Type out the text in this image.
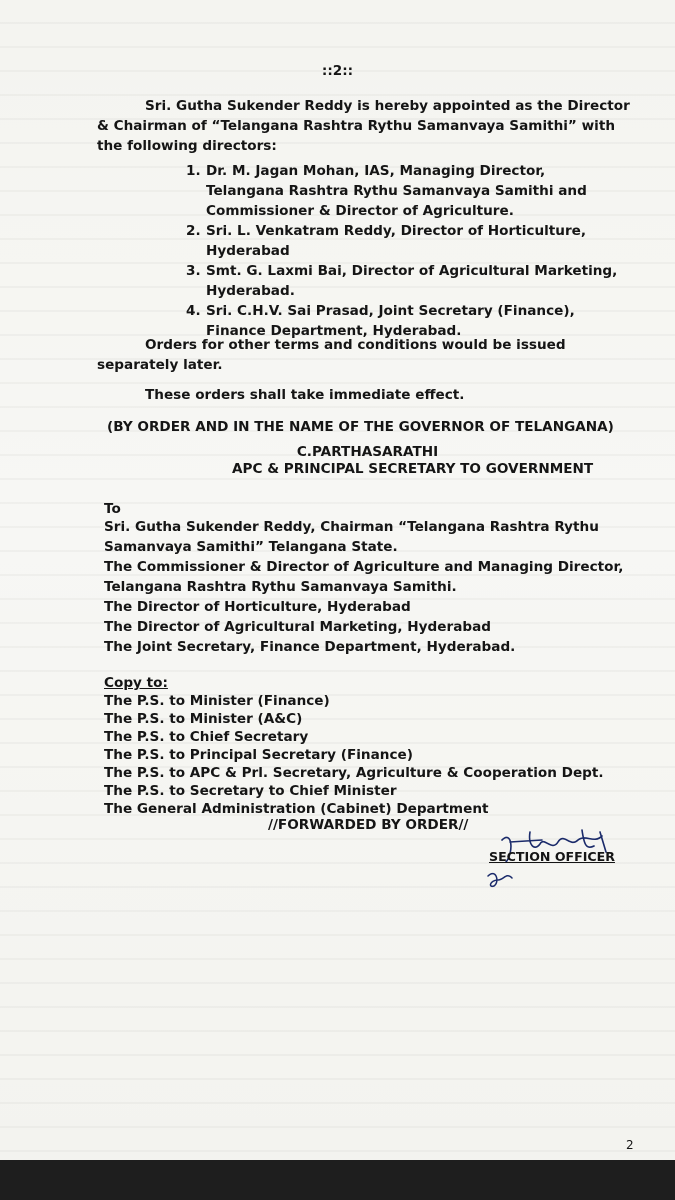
::2::
Sri. Gutha Sukender Reddy is hereby appointed as the Director
& Chairman of “Telangana Rashtra Rythu Samanvaya Samithi” with
the following directors:
1. Dr. M. Jagan Mohan, IAS, Managing Director,
Telangana Rashtra Rythu Samanvaya Samithi and
Commissioner & Director of Agriculture.
2. Sri. L. Venkatram Reddy, Director of Horticulture,
Hyderabad
3. Smt. G. Laxmi Bai, Director of Agricultural Marketing,
Hyderabad.
4. Sri. C.H.V. Sai Prasad, Joint Secretary (Finance),
Finance Department, Hyderabad.
Orders for other terms and conditions would be issued
separately later.
These orders shall take immediate effect.
(BY ORDER AND IN THE NAME OF THE GOVERNOR OF TELANGANA)
C.PARTHASARATHI
APC & PRINCIPAL SECRETARY TO GOVERNMENT
To
Sri. Gutha Sukender Reddy, Chairman “Telangana Rashtra Rythu
Samanvaya Samithi” Telangana State.
The Commissioner & Director of Agriculture and Managing Director,
Telangana Rashtra Rythu Samanvaya Samithi.
The Director of Horticulture, Hyderabad
The Director of Agricultural Marketing, Hyderabad
The Joint Secretary, Finance Department, Hyderabad.
Copy to:
The P.S. to Minister (Finance)
The P.S. to Minister (A&C)
The P.S. to Chief Secretary
The P.S. to Principal Secretary (Finance)
The P.S. to APC & Prl. Secretary, Agriculture & Cooperation Dept.
The P.S. to Secretary to Chief Minister
The General Administration (Cabinet) Department
//FORWARDED BY ORDER//
SECTION OFFICER
2
